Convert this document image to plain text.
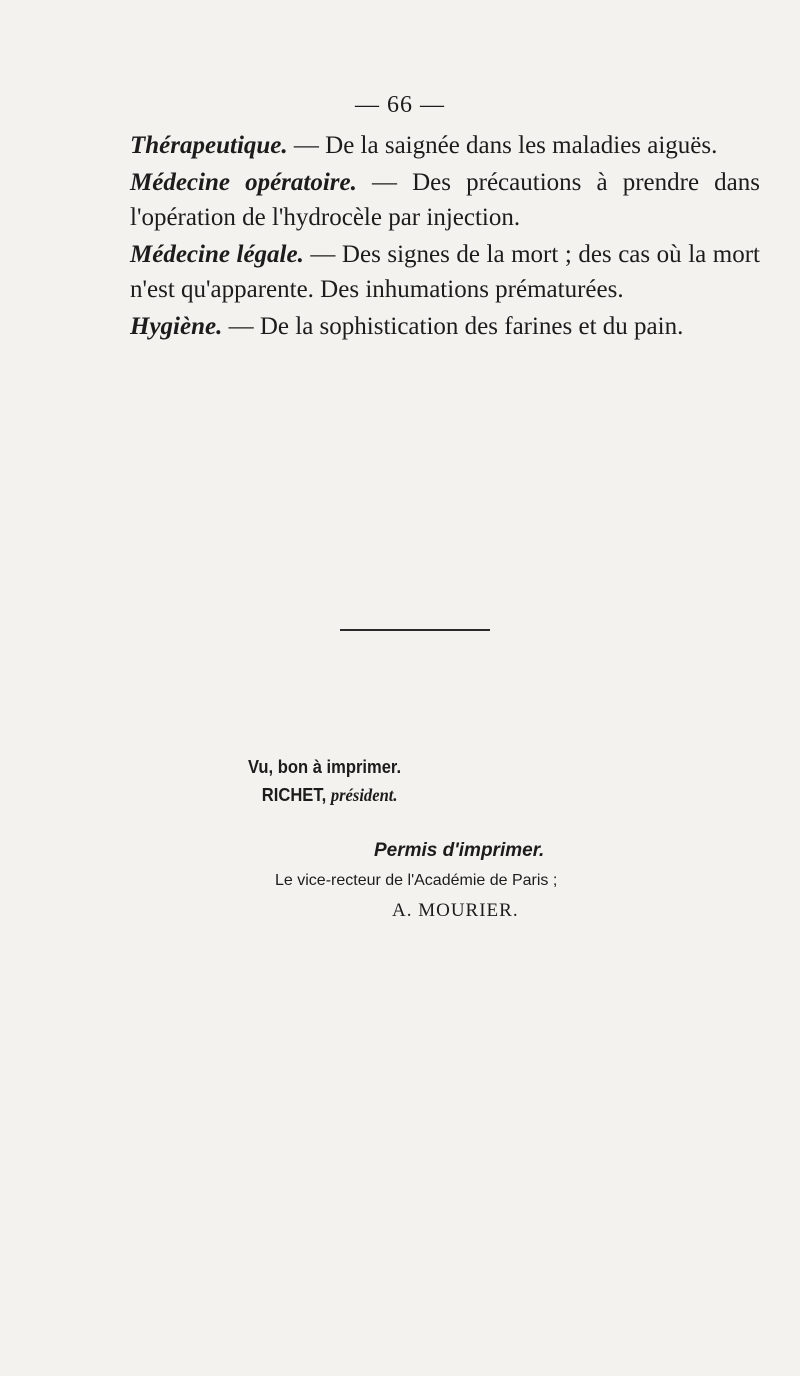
— 66 —

Thérapeutique. — De la saignée dans les maladies aiguës.

Médecine opératoire. — Des précautions à prendre dans l'opération de l'hydrocèle par injection.

Médecine légale. — Des signes de la mort ; des cas où la mort n'est qu'apparente. Des inhumations prématurées.

Hygiène. — De la sophistication des farines et du pain.

Vu, bon à imprimer.
RICHET, président.
Permis d'imprimer.
Le vice-recteur de l'Académie de Paris ;
A. MOURIER.
